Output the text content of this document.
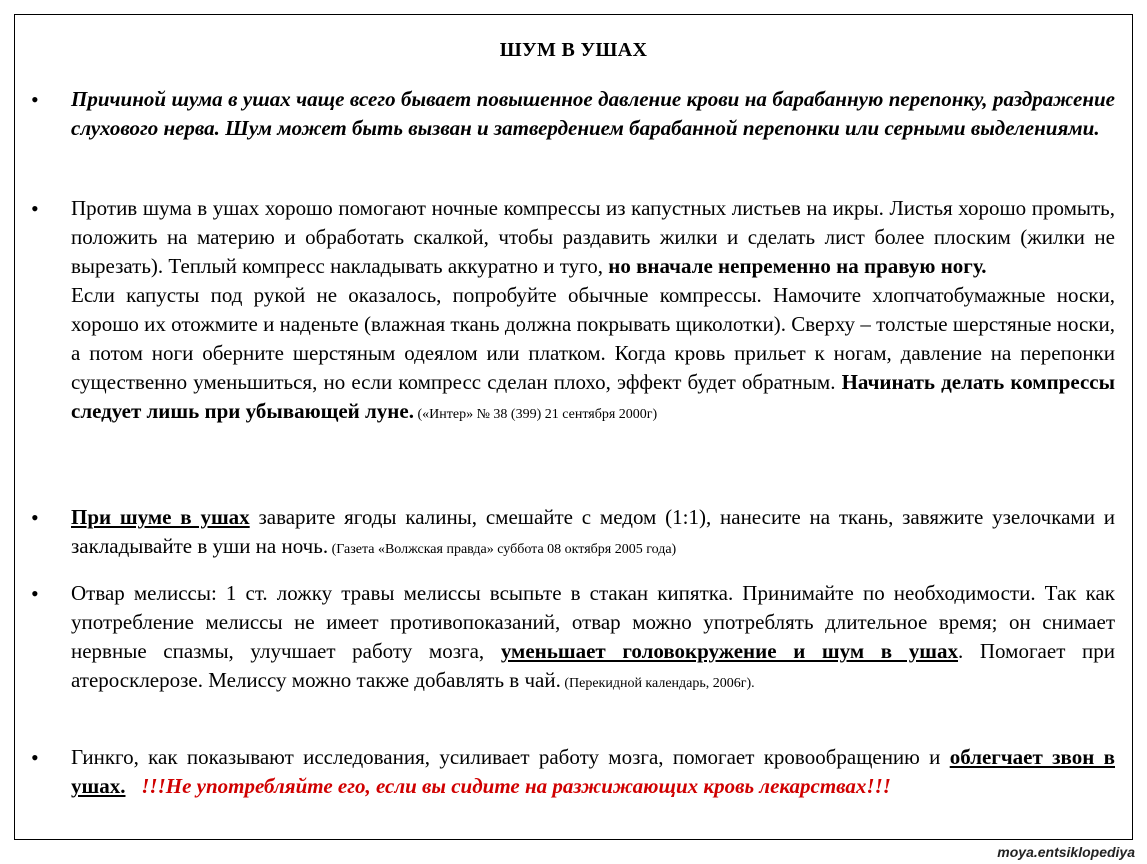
ШУМ В УШАХ
• Причиной шума в ушах чаще всего бывает повышенное давление крови на барабанную перепонку, раздражение слухового нерва. Шум может быть вызван и затвердением барабанной перепонки или серными выделениями.
• Против шума в ушах хорошо помогают ночные компрессы из капустных листьев на икры. Листья хорошо промыть, положить на материю и обработать скалкой, чтобы раздавить жилки и сделать лист более плоским (жилки не вырезать). Теплый компресс накладывать аккуратно и туго, но вначале непременно на правую ногу.
Если капусты под рукой не оказалось, попробуйте обычные компрессы. Намочите хлопчатобумажные носки, хорошо их отожмите и наденьте (влажная ткань должна покрывать щиколотки). Сверху – толстые шерстяные носки, а потом ноги оберните шерстяным одеялом или платком. Когда кровь прильет к ногам, давление на перепонки существенно уменьшиться, но если компресс сделан плохо, эффект будет обратным. Начинать делать компрессы следует лишь при убывающей луне. («Интер» № 38 (399) 21 сентября 2000г)
• При шуме в ушах заварите ягоды калины, смешайте с медом (1:1), нанесите на ткань, завяжите узелочками и закладывайте в уши на ночь. (Газета «Волжская правда» суббота 08 октября 2005 года)
• Отвар мелиссы: 1 ст. ложку травы мелиссы всыпьте в стакан кипятка. Принимайте по необходимости. Так как употребление мелиссы не имеет противопоказаний, отвар можно употреблять длительное время; он снимает нервные спазмы, улучшает работу мозга, уменьшает головокружение и шум в ушах. Помогает при атеросклерозе. Мелиссу можно также добавлять в чай. (Перекидной календарь, 2006г).
• Гинкго, как показывают исследования, усиливает работу мозга, помогает кровообращению и облегчает звон в ушах. !!!Не употребляйте его, если вы сидите на разжижающих кровь лекарствах!!!
moya.entsiklopediya
